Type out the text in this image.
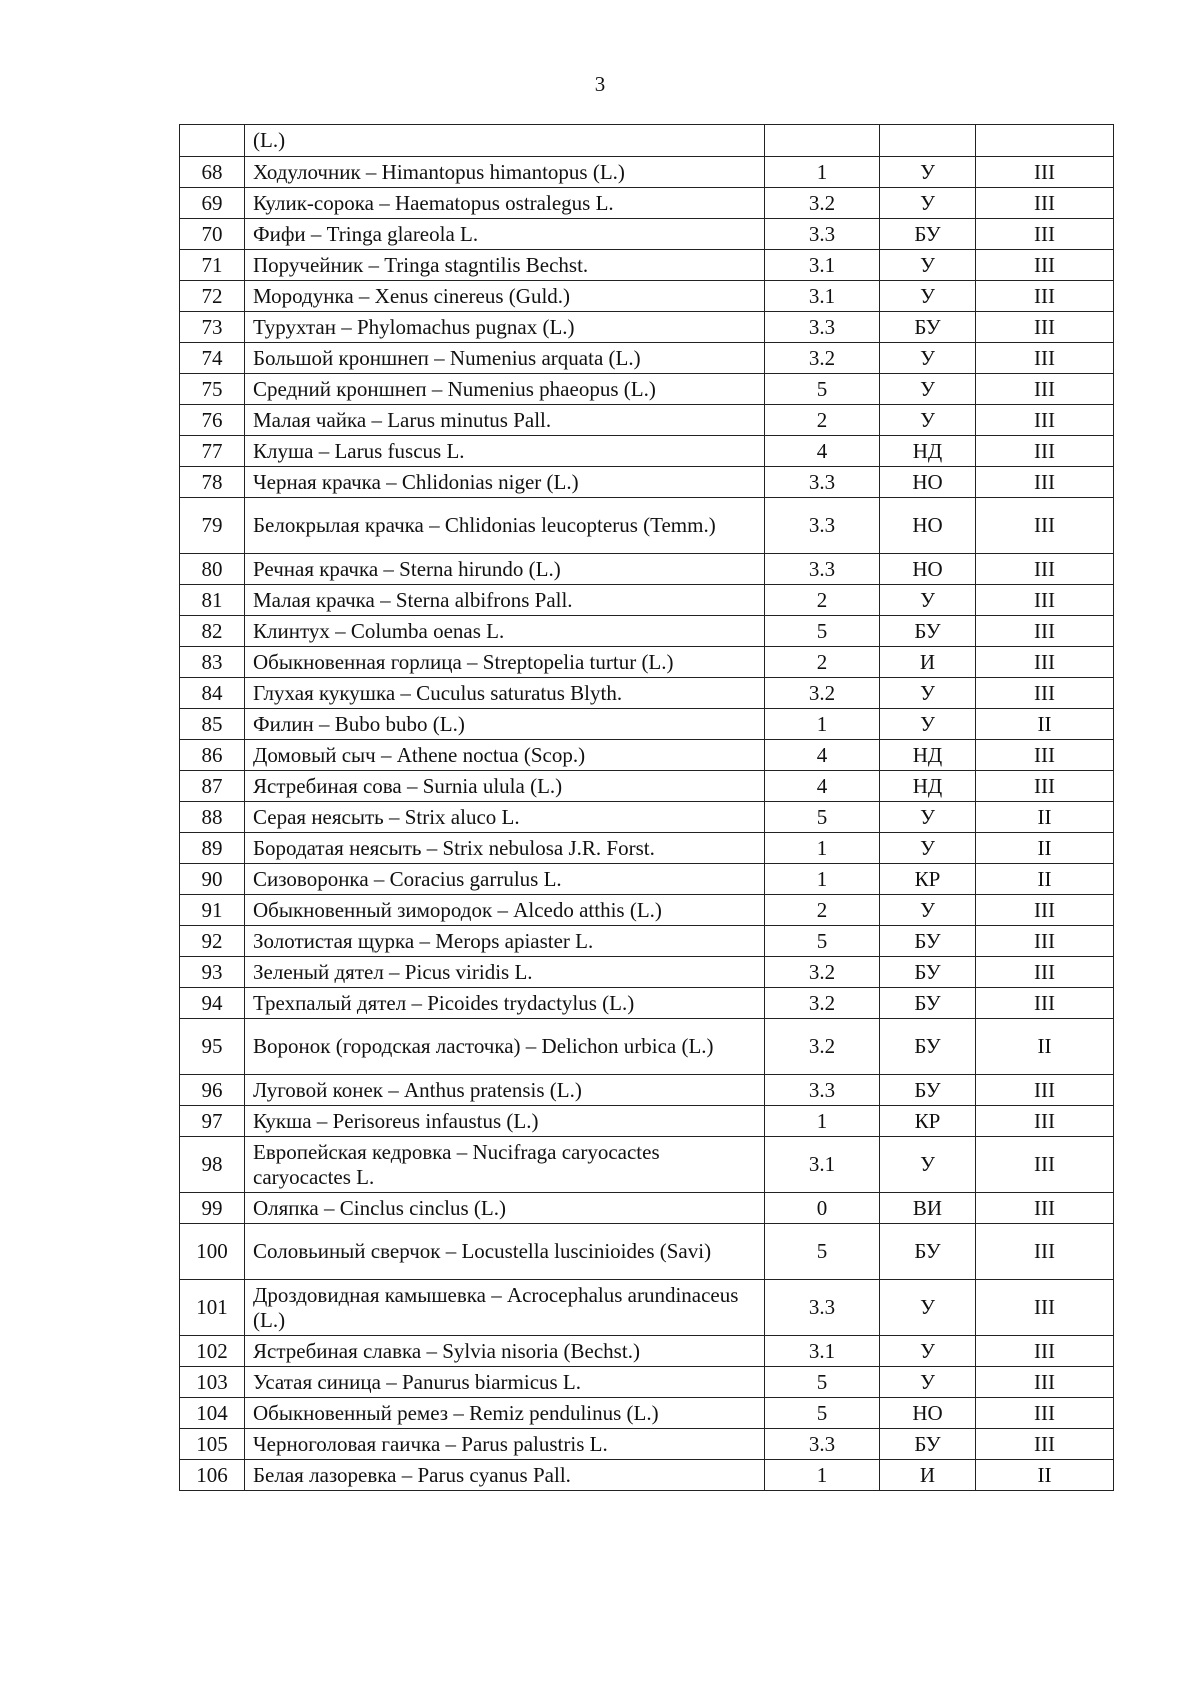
3
	(L.)			
68	Ходулочник – Himantopus himantopus (L.)	1	У	III
69	Кулик-сорока – Haematopus ostralegus L.	3.2	У	III
70	Фифи – Tringa glareola L.	3.3	БУ	III
71	Поручейник – Tringa stagntilis Bechst.	3.1	У	III
72	Мородунка – Xenus cinereus (Guld.)	3.1	У	III
73	Турухтан – Phylomachus pugnax (L.)	3.3	БУ	III
74	Большой кроншнеп – Numenius arquata (L.)	3.2	У	III
75	Средний кроншнеп – Numenius phaeopus (L.)	5	У	III
76	Малая чайка – Larus minutus Pall.	2	У	III
77	Клуша – Larus fuscus L.	4	НД	III
78	Черная крачка – Chlidonias niger (L.)	3.3	НО	III
79	Белокрылая крачка – Chlidonias leucopterus (Temm.)	3.3	НО	III
80	Речная крачка – Sterna hirundo (L.)	3.3	НО	III
81	Малая крачка – Sterna albifrons Pall.	2	У	III
82	Клинтух – Columba oenas L.	5	БУ	III
83	Обыкновенная горлица – Streptopelia turtur (L.)	2	И	III
84	Глухая кукушка – Cuculus saturatus Blyth.	3.2	У	III
85	Филин – Bubo bubo (L.)	1	У	II
86	Домовый сыч – Athene noctua (Scop.)	4	НД	III
87	Ястребиная сова – Surnia ulula (L.)	4	НД	III
88	Серая неясыть – Strix aluco L.	5	У	II
89	Бородатая неясыть – Strix nebulosa J.R. Forst.	1	У	II
90	Сизоворонка – Coracius garrulus L.	1	КР	II
91	Обыкновенный зимородок – Alcedo atthis (L.)	2	У	III
92	Золотистая щурка – Merops apiaster L.	5	БУ	III
93	Зеленый дятел – Picus viridis L.	3.2	БУ	III
94	Трехпалый дятел – Picoides trydactylus (L.)	3.2	БУ	III
95	Воронок (городская ласточка) – Delichon urbica (L.)	3.2	БУ	II
96	Луговой конек – Anthus pratensis (L.)	3.3	БУ	III
97	Кукша – Perisoreus infaustus (L.)	1	КР	III
98	Европейская кедровка – Nucifraga caryocactes caryocactes L.	3.1	У	III
99	Оляпка – Cinclus cinclus (L.)	0	ВИ	III
100	Соловьиный сверчок – Locustella luscinioides (Savi)	5	БУ	III
101	Дроздовидная камышевка – Acrocephalus arundinaceus (L.)	3.3	У	III
102	Ястребиная славка – Sylvia nisoria (Bechst.)	3.1	У	III
103	Усатая синица – Panurus biarmicus L.	5	У	III
104	Обыкновенный ремез – Remiz pendulinus (L.)	5	НО	III
105	Черноголовая гаичка – Parus palustris L.	3.3	БУ	III
106	Белая лазоревка – Parus cyanus Pall.	1	И	II
